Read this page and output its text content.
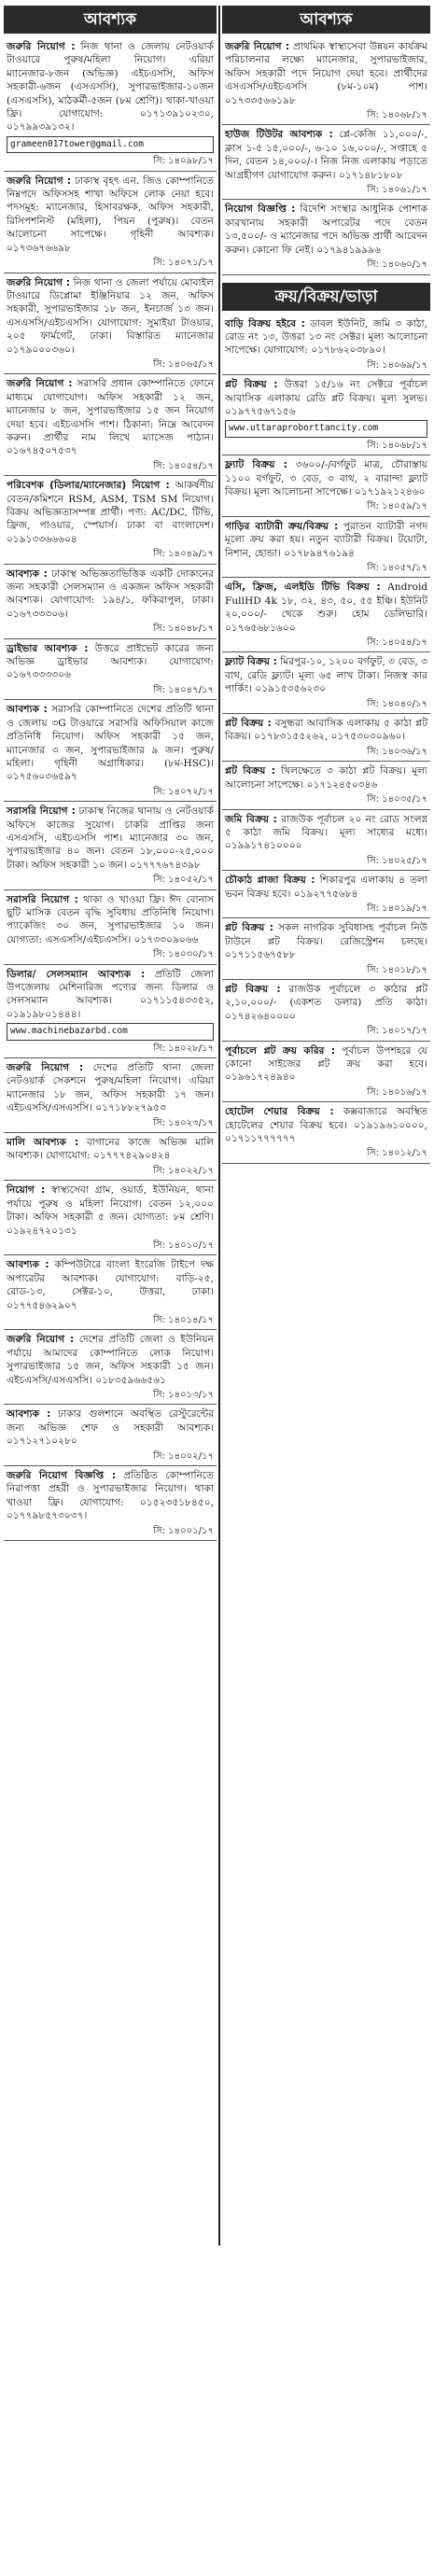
আবশ্যক
জরুরি নিয়োগ : নিজ থানা ও জেলায় নেটওয়ার্ক টাওয়ারে পুরুষ/মহিলা নিয়োগ। এরিয়া ম্যানেজার-৮জন (অভিজ্ঞ) এইচএসসি, অফিস সহকারী-৬জন (এসএসসি), সুপারভাইজার-১০জন (এসএসসি), মাঠকর্মী-৫জন (৮ম শ্রেণি)। থাকা-খাওয়া ফ্রি। যোগাযোগ: ০১৭১৩৯১০২৩০, ০১৭৯৯৩৯১৩২।
grameen017tower@gmail.com
সি: ১৪০৯৮/১৭
জরুরি নিয়োগ : ঢাকাস্থ বৃহৎ এন. জিও কোম্পানিতে নিম্নপদে অফিসসহ শাখা অফিসে লোক নেয়া হবে। পদসমূহ: ম্যানেজার, হিসাবরক্ষক, অফিস সহকারী, রিসিপশনিস্ট (মহিলা), পিয়ন (পুরুষ)। বেতন আলোচনা সাপেক্ষে। গৃহিনী আবশ্যক। ০১৭৩৬৭৬৬৯৮
সি: ১৪০৭১/১৭
জরুরি নিয়োগ : নিজ থানা ও জেলা পর্যায়ে মোবাইল টাওয়ারে ডিপ্লোমা ইঞ্জিনিয়ার ১২ জন, অফিস সহকারী, সুপারভাইজার ১৮ জন, ইনচার্জ ১৩ জন। এসএসসি/এইচএসসি। যোগাযোগ: সুমাইয়া টাওয়ার, ২০৫ ফার্মগেট, ঢাকা। বিস্তারিত ম্যানেজার ০১৭৯০০০৩৬০।
সি: ১৪০৬৫/১৭
জরুরি নিয়োগ : সরাসরি প্রধান কোম্পানিতে ফোনে মাধ্যমে যোগাযোগ। অফিস সহকারী ১২ জন, ম্যানেজার ৮ জন, সুপারভাইজার ১৫ জন নিয়োগ দেয়া হবে। এইচএসসি পাশ। ঠিকানা: নিম্নে আবেদন করুন। প্রার্থীর নাম লিখে ম্যাসেজ পাঠান। ০১৬৭৪৫০৭৫৩৭
সি: ১৪০৫৪/১৭
পরিবেশক (ডিলার/ম্যানেজার) নিয়োগ : আকর্ষণীয় বেতন/কমিশনে RSM, ASM, TSM SM নিয়োগ। বিক্রয় অভিজ্ঞতাসম্পন্ন প্রার্থী। পণ্য: AC/DC, টিভি, ফ্রিজ, পাওয়ার, স্পেয়ার্স। ঢাকা বা বাংলাদেশ। ০১৯১৩৩৬৬৬০৪
সি: ১৪০৪৯/১৭
আবশ্যক : ঢাকাস্থ অভিজ্ঞতাভিত্তিক একটি দোকানের জন্য সহকারী সেলসম্যান ও একজন অফিস সহকারী আবশ্যক। যোগাযোগ: ১৯৪/১, ফকিরাপুল, ঢাকা। ০১৬৭৩৩৩০৬।
সি: ১৪০৪৮/১৭
ড্রাইভার আবশ্যক : উত্তরে প্রাইভেট কারের জন্য অভিজ্ঞ ড্রাইভার আবশ্যক। যোগাযোগ: ০১৬৭৩৩৩৩০৬
সি: ১৪০৪৭/১৭
আবশ্যক : সরাসরি কোম্পানিতে দেশের প্রতিটি থানা ও জেলায় ৩G টাওয়ারে সরাসরি অফিসিয়াল কাজে প্রতিনিধি নিয়োগ। অফিস সহকারী ১৫ জন, ম্যানেজার ৩ জন, সুপারভাইজার ৯ জন। পুরুষ/মহিলা। গৃহিনী অগ্রাধিকার। (৮ম-HSC)। ০১৭৫৬০৩৬৫৯৭
সি: ১৪০৭২/১৭
সরাসরি নিয়োগ : ঢাকাস্থ নিজের থানায় ও নেটওয়ার্ক অফিসে কাজের সুযোগ। চাকরি প্রাপ্তির জন্য এসএসসি, এইচএসসি পাশ। ম্যানেজার ৩০ জন, সুপারভাইজার ৪০ জন। বেতন ১৮,০০০-২৫,০০০ টাকা। অফিস সহকারী ১০ জন। ০১৭৭৭৬৭৪৩৯৮
সি: ১৪০৫২/১৭
সরাসরি নিয়োগ : থাকা ও খাওয়া ফ্রি। ঈদ বোনাস ছুটি মাসিক বেতন বৃদ্ধি সুবিধায় প্রতিনিধি নিয়োগ। প্যাকেজিং ৩০ জন, সুপারভাইজার ১০ জন। যোগ্যতা: এসএসসি/এইচএসসি। ০১৭৩৩০৯০৬৬
সি: ১৪০৩০/১৭
ডিলার/ সেলসম্যান আবশ্যক : প্রতিটি জেলা উপজেলায় মেশিনারিজ পণ্যের জন্য ডিলার ও সেলসম্যান আবশ্যক। ০১৭১১৫৪৩৩৫২, ০১৯১৯৮০১৪৪৪।
www.machinebazarbd.com
সি: ১৪০২৮/১৭
জরুরি নিয়োগ : দেশের প্রতিটি থানা জেলা নেটওয়ার্ক সেকশনে পুরুষ/মহিলা নিয়োগ। এরিয়া ম্যানেজার ১৮ জন, অফিস সহকারী ১৭ জন। এইচএসসি/এসএসসি। ০১৭১৮৮২৭৯৫৩
সি: ১৪০২৩/১৭
মালি আবশ্যক : বাগানের কাজে অভিজ্ঞ মালি আবশ্যক। যোগাযোগ: ০১৭৭৭৪২৯০৪২৪
সি: ১৪০২২/১৭
নিয়োগ : স্বাস্থ্যসেবা গ্রাম, ওয়ার্ড, ইউনিয়ন, থানা পর্যায়ে পুরুষ ও মহিলা নিয়োগ। বেতন ১২,০০০ টাকা। অফিস সহকারী ৫ জন। যোগ্যতা: ৮ম শ্রেণি। ০১৯২৪৭২০১৩১
সি: ১৪০১০/১৭
আবশ্যক : কম্পিউটারে বাংলা ইংরেজি টাইপে দক্ষ অপারেটর আবশ্যক। যোগাযোগ: বাড়ি-২৫, রোড-১৩, সেক্টর-১০, উত্তরা, ঢাকা। ০১৭৭৫৪৬২৯০৭
সি: ১৪০১৪/১৭
জরুরি নিয়োগ : দেশের প্রতিটি জেলা ও ইউনিয়ন পর্যায়ে আমাদের কোম্পানিতে লোক নিয়োগ। সুপারভাইজার ১৫ জন, অফিস সহকারী ১৫ জন। এইচএসসি/এসএসসি। ০১৮৩৫৯৬৬৫৬১
সি: ১৪০১৩/১৭
আবশ্যক : ঢাকার গুলশানে অবস্থিত রেস্টুরেন্টের জন্য অভিজ্ঞ শেফ ও সহকারী আবশ্যক। ০১৭১২৭১০২৮০
সি: ১৪০০২/১৭
জরুরি নিয়োগ বিজ্ঞপ্তি : প্রতিষ্ঠিত কোম্পানিতে নিরাপত্তা প্রহরী ও সুপারভাইজার নিয়োগ। থাকা খাওয়া ফ্রি। যোগাযোগ: ০১৫২৩৫১৮৪৫০, ০১৭৭৯৮৫৭৩০৩৭।
সি: ১৪০০১/১৭
আবশ্যক
জরুরি নিয়োগ : প্রাথমিক স্বাস্থ্যসেবা উন্নয়ন কার্যক্রম পরিচালনার লক্ষ্যে ম্যানেজার, সুপারভাইজার, অফিস সহকারী পদে নিয়োগ দেয়া হবে। প্রার্থীদের এসএসসি/এইচএসসি (৮ম-১০ম) পাশ। ০১৭৩৩৫৬৬১৯৮
সি: ১৪০৬৮/১৭
হাউজ টিউটর আবশ্যক : প্লে-কেজি ১১,০০০/-, ক্লাস ১-৫ ১৫,০০০/-, ৬-১০ ১৬,০০০/-, সপ্তাহে ৫ দিন, বেতন ১৪,০০০/-। নিজ নিজ এলাকায় পড়াতে আগ্রহীগণ যোগাযোগ করুন। ০১৭১৪৮১৮০৮
সি: ১৪০৬১/১৭
নিয়োগ বিজ্ঞপ্তি : বিদেশি সংস্থার আধুনিক পোশাক কারখানায় সহকারী অপারেটর পদে বেতন ১৩,৫০০/- ও ম্যানেজার পদে অভিজ্ঞ প্রার্থী আবেদন করুন। কোনো ফি নেই। ০১৭৯৪১৯৯৯৬
সি: ১৪০৬০/১৭
ক্রয়/বিক্রয়/ভাড়া
বাড়ি বিক্রয় হইবে : ডাবল ইউনিট, জমি ৩ কাঠা, রোড নং ১৩, উত্তরা ১৩ নং সেক্টর। মূল্য আলোচনা সাপেক্ষে। যোগাযোগ: ০১৭৮৬২০৩৮৯০।
সি: ১৪০৬৯/১৭
প্লট বিক্রয় : উত্তরা ১৫/১৬ নং সেক্টরে পূর্বাচল আবাসিক এলাকায় রেডি প্লট বিক্রয়। মূল্য সুলভ। ০১৯৭৭৫৬৭১৫৬
www.uttaraproborttancity.com
সি: ১৪০৬৮/১৭
ফ্ল্যাট বিক্রয় : ৩৬০০/-/বর্গফুট মাত্র, চৌরাস্তায় ১১০০ বর্গফুট, ৩ বেড, ৩ বাথ, ২ বারান্দা ফ্ল্যাট বিক্রয়। মূল্য আলোচনা সাপেক্ষে। ০১৭১৯২১২৪৬০
সি: ১৪০৫৯/১৭
গাড়ির ব্যাটারী ক্রয়/বিক্রয় : পুরাতন ব্যাটারী নগদ মূল্যে ক্রয় করা হয়। নতুন ব্যাটারী বিক্রয়। টয়োটা, নিশান, হোন্ডা। ০১৭৮৯৪৭৬১৯৪
সি: ১৪০৫৭/১৭
এসি, ফ্রিজ, এলইডি টিভি বিক্রয় : Android FullHD 4k ১৮, ৩২, ৪৩, ৫০, ৫৫ ইঞ্চি। ইউনিট ২০,০০০/- থেকে শুরু। হোম ডেলিভারি। ০১৭৬৫৬৮১৬০০
সি: ১৪০৫৪/১৭
ফ্ল্যাট বিক্রয় : মিরপুর-১০, ১২০০ বর্গফুট, ৩ বেড, ৩ বাথ, রেডি ফ্ল্যাট। মূল্য ৬৫ লাখ টাকা। নিজস্ব কার পার্কিং। ০১৯১৫৩৫৬২৩০
সি: ১৪০৪০/১৭
প্লট বিক্রয় : বসুন্ধরা আবাসিক এলাকায় ৫ কাঠা প্লট বিক্রয়। ০১৭৮৩১৫৫২৬২, ০১৭৫৩০৩০৯৬০।
সি: ১৪০৩৬/১৭
প্লট বিক্রয় : খিলক্ষেতে ৩ কাঠা প্লট বিক্রয়। মূল্য আলোচনা সাপেক্ষে। ০১৭১২৪৫০৩৪৬
সি: ১৪০৩৫/১৭
জমি বিক্রয় : রাজউক পূর্বাচল ২০ নং রোড সংলগ্ন ৫ কাঠা জমি বিক্রয়। মূল্য সাধ্যের মধ্যে। ০১৯৯১৭৪১০০০০
সি: ১৪০২৫/১৭
চৌকাঠ প্লাজা বিক্রয় : শিকারপুর এলাকায় ৪ তলা ভবন বিক্রয় হবে। ০১৯২৭৭৫৬৮৪
সি: ১৪০১৯/১৭
প্লট বিক্রয় : সকল নাগরিক সুবিধাসহ পূর্বাচল নিউ টাউনে প্লট বিক্রয়। রেজিস্ট্রেশন চলছে। ০১৭১১৫৬৭৫৮৮
সি: ১৪০১৮/১৭
প্লট বিক্রয় : রাজউক পূর্বাচলে ৩ কাঠার প্লট ২,১০,০০০/- (একশত ডলার) প্রতি কাঠা। ০১৭৪২৬৪০০০০
সি: ১৪০১৭/১৭
পূর্বাচলে প্লট ক্রয় করির : পূর্বাচল উপশহরে যে কোনো সাইজের প্লট ক্রয় করা হবে। ০১৯৬১৭২৪৯৪০
সি: ১৪০১৬/১৭
হোটেল শেয়ার বিক্রয় : কক্সবাজারে অবস্থিত হোটেলের শেয়ার বিক্রয় হবে। ০১৯১৯৬১০০০০, ০১৭১১৭৭৭৭৭৭
সি: ১৪০১২/১৭
